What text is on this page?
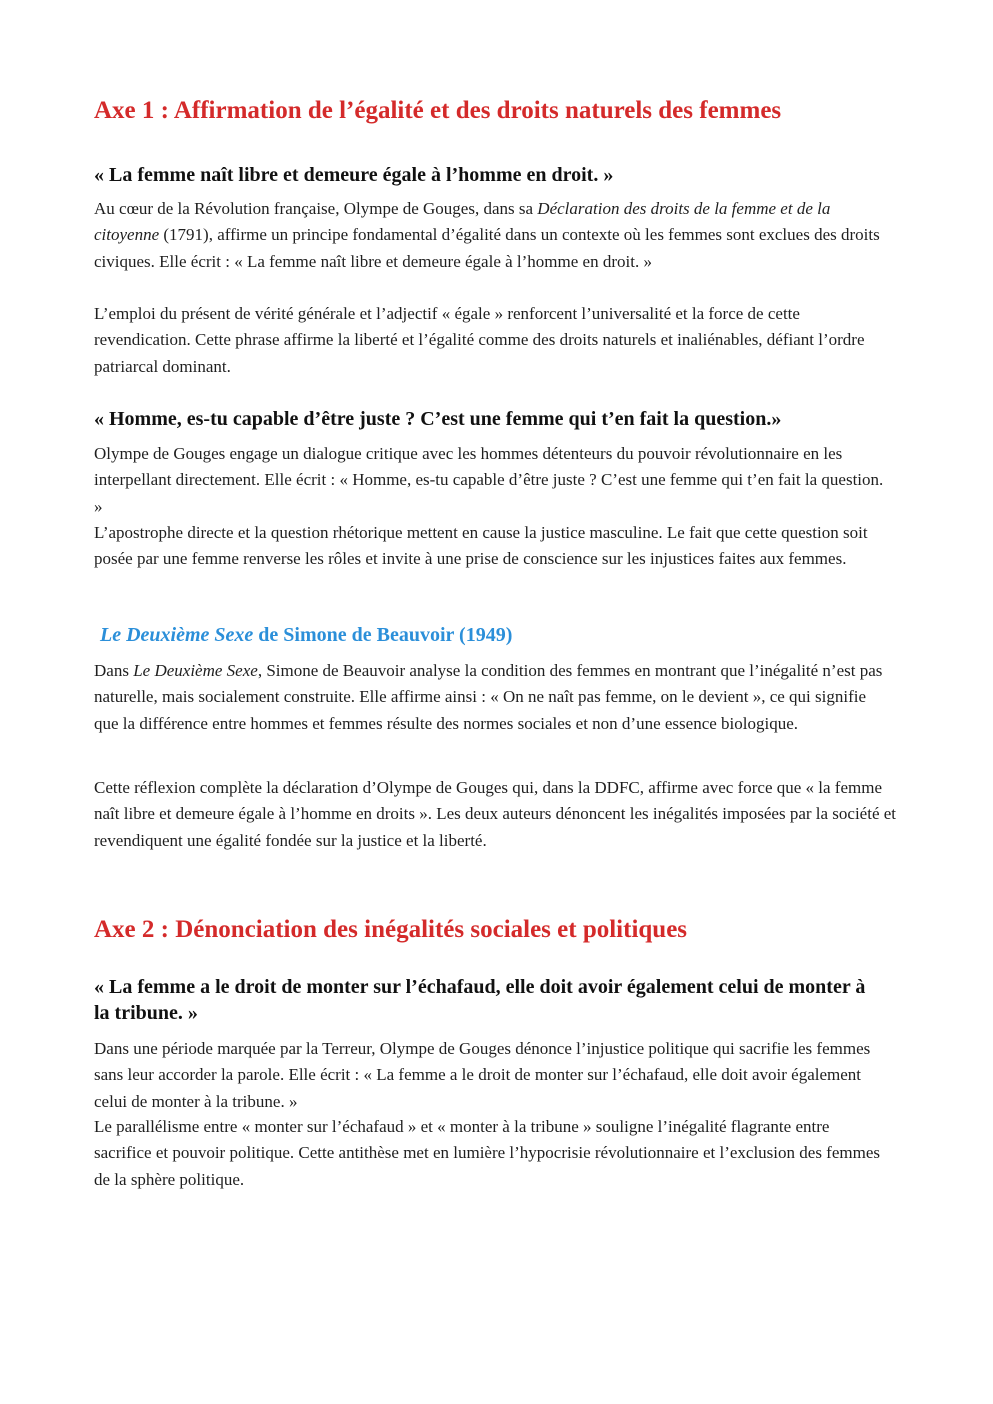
Axe 1 : Affirmation de l’égalité et des droits naturels des femmes
« La femme naît libre et demeure égale à l’homme en droit. »

Au cœur de la Révolution française, Olympe de Gouges, dans sa Déclaration des droits de la femme et de la citoyenne (1791), affirme un principe fondamental d’égalité dans un contexte où les femmes sont exclues des droits civiques. Elle écrit : « La femme naît libre et demeure égale à l’homme en droit. »

L’emploi du présent de vérité générale et l’adjectif « égale » renforcent l’universalité et la force de cette revendication. Cette phrase affirme la liberté et l’égalité comme des droits naturels et inaliénables, défiant l’ordre patriarcal dominant.

« Homme, es-tu capable d’être juste ? C’est une femme qui t’en fait la question.»

Olympe de Gouges engage un dialogue critique avec les hommes détenteurs du pouvoir révolutionnaire en les interpellant directement. Elle écrit : « Homme, es-tu capable d’être juste ? C’est une femme qui t’en fait la question. »

L’apostrophe directe et la question rhétorique mettent en cause la justice masculine. Le fait que cette question soit posée par une femme renverse les rôles et invite à une prise de conscience sur les injustices faites aux femmes.

Le Deuxième Sexe de Simone de Beauvoir (1949)

Dans Le Deuxième Sexe, Simone de Beauvoir analyse la condition des femmes en montrant que l’inégalité n’est pas naturelle, mais socialement construite. Elle affirme ainsi : « On ne naît pas femme, on le devient », ce qui signifie que la différence entre hommes et femmes résulte des normes sociales et non d’une essence biologique.

Cette réflexion complète la déclaration d’Olympe de Gouges qui, dans la DDFC, affirme avec force que « la femme naît libre et demeure égale à l’homme en droits ». Les deux auteurs dénoncent les inégalités imposées par la société et revendiquent une égalité fondée sur la justice et la liberté.

Axe 2 : Dénonciation des inégalités sociales et politiques
« La femme a le droit de monter sur l’échafaud, elle doit avoir également celui de monter à la tribune. »

Dans une période marquée par la Terreur, Olympe de Gouges dénonce l’injustice politique qui sacrifie les femmes sans leur accorder la parole. Elle écrit : « La femme a le droit de monter sur l’échafaud, elle doit avoir également celui de monter à la tribune. »

Le parallélisme entre « monter sur l’échafaud » et « monter à la tribune » souligne l’inégalité flagrante entre sacrifice et pouvoir politique. Cette antithèse met en lumière l’hypocrisie révolutionnaire et l’exclusion des femmes de la sphère politique.
